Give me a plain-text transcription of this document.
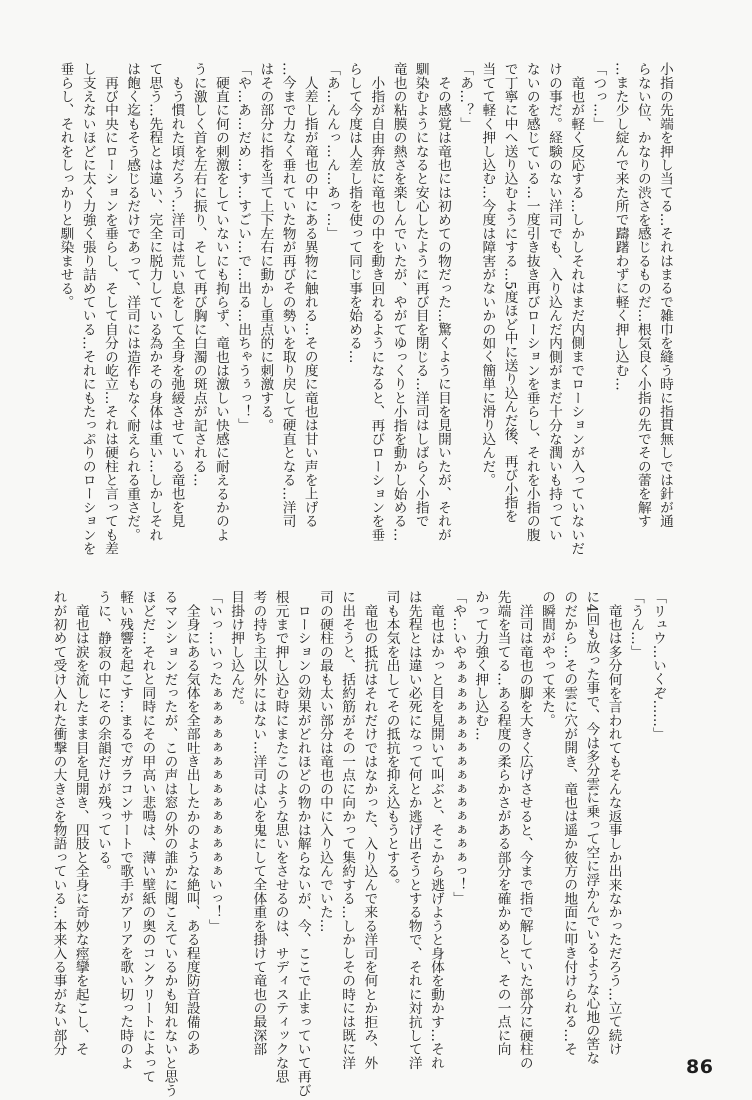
小指の先端を押し当てる…それはまるで雑巾を縫う時に指貫無しでは針が通
らない位、かなりの渋さを感じるものだ…根気良く小指の先でその蕾を解す
…また少し綻んで来た所で躊躇わずに軽く押し込む…
「つっ…」
　竜也が軽く反応する…しかしそれはまだ内側までローションが入っていないだ
けの事だ。経験のない洋司でも、入り込んだ内側がまだ十分な潤いも持ってい
ないのを感じている…一度引き抜き再びローションを垂らし、それを小指の腹
で丁寧に中へ送り込むようにする…5度ほど中に送り込んだ後、再び小指を
当てて軽く押し込む…今度は障害がないかの如く簡単に滑り込んだ。
「あ…？」
　その感覚は竜也には初めての物だった…驚くように目を見開いたが、それが
馴染むようになると安心したように再び目を閉じる…洋司はしばらく小指で
竜也の粘膜の熱さを楽しんでいたが、やがてゆっくりと小指を動かし始める…
　小指が自由奔放に竜也の中を動き回れるようになると、再びローションを垂
らして今度は人差し指を使って同じ事を始める…
「あ…んんっ…ん…あっ…」
　人差し指が竜也の中にある異物に触れる…その度に竜也は甘い声を上げる
…今まで力なく垂れていた物が再びその勢いを取り戻して硬直となる…洋司
はその部分に指を当て上下左右に動かし重点的に刺激する。
「や…あ…だめ…す…すごい…で…出る…出ちゃうぅっ！」
　硬直に何の刺激をしていないにも拘らず、竜也は激しい快感に耐えるかのよ
うに激しく首を左右に振り、そして再び胸に白濁の斑点が記される…
　もう慣れた頃だろう…洋司は荒い息をして全身を弛緩させている竜也を見
て思う…先程とは違い、完全に脱力している為かその身体は重い…しかしそれ
は飽く迄もそう感じるだけであって、洋司には造作もなく耐えられる重さだ。
　再び中央にローションを垂らし、そして自分の屹立…それは硬柱と言っても差
し支えないほどに太く力強く張り詰めている…それにもたっぷりのローションを
垂らし、それをしっかりと馴染ませる。
「リュウ…いくぞ……」
「うん…」
　竜也は多分何を言われてもそんな返事しか出来なかっただろう…立て続け
に4回も放った事で、今は多分雲に乗って空に浮かんでいるような心地の筈な
のだから…その雲に穴が開き、竜也は遥か彼方の地面に叩き付けられる…そ
の瞬間がやって来た。
　洋司は竜也の脚を大きく広げさせると、今まで指で解していた部分に硬柱の
先端を当てる…ある程度の柔らかさがある部分を確かめると、その一点に向
かって力強く押し込む…
「や…いやぁぁぁぁぁぁぁぁぁぁぁぁぁぁぁっ！」
　竜也はかっと目を見開いて叫ぶと、そこから逃げようと身体を動かす…それ
は先程とは違い必死になって何とか逃げ出そうとする物で、それに対抗して洋
司も本気を出してその抵抗を抑え込もうとする。
　竜也の抵抗はそれだけではなかった、入り込んで来る洋司を何とか拒み、外
に出そうと、括約筋がその一点に向かって集約する…しかしその時には既に洋
司の硬柱の最も太い部分は竜也の中に入り込んでいた…
　ローションの効果がどれほどの物かは解らないが、今、ここで止まっていて再び
根元まで押し込む時にまたこのような思いをさせるのは、サディスティックな思
考の持ち主以外にはない…洋司は心を鬼にして全体重を掛けて竜也の最深部
目掛け押し込んだ。
「いっ…いったぁぁぁぁぁぁぁぁぁぁぁぁぁぁいっ！」
　全身にある気体を全部吐き出したかのような絶叫、ある程度防音設備のあ
るマンションだったが、この声は窓の外の誰かに聞こえているかも知れないと思う
ほどだ…それと同時にその甲高い悲鳴は、薄い壁紙の奥のコンクリートによって
軽い残響を起こす…まるでガラコンサートで歌手がアリアを歌い切った時のよ
うに、静寂の中にその余韻だけが残っている。
　竜也は涙を流したまま目を見開き、四肢と全身に奇妙な痙攣を起こし、そ
れが初めて受け入れた衝撃の大きさを物語っている…本来入る事がない部分
86
